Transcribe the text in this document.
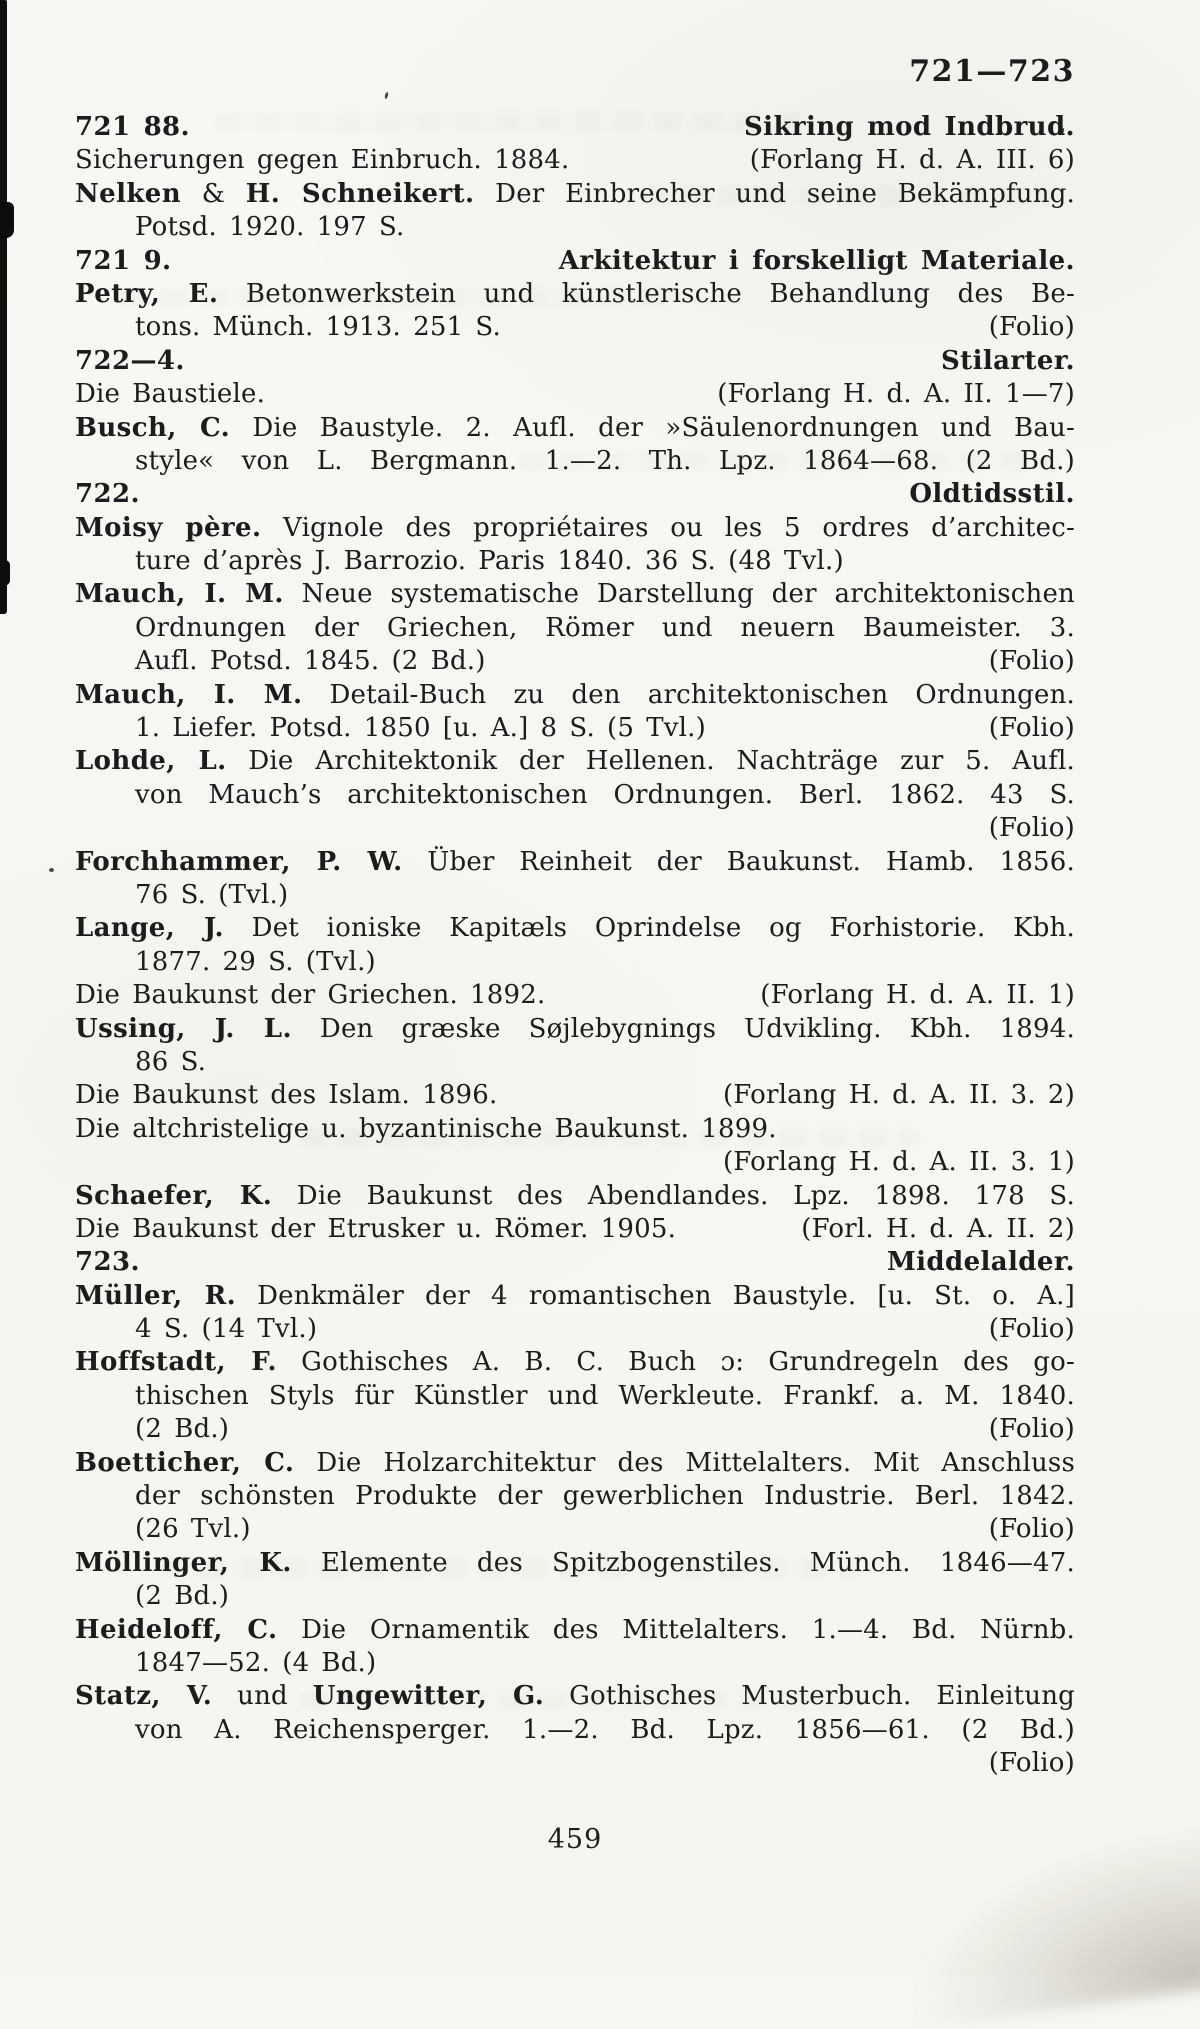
721—723
721 88.	Sikring mod Indbrud.
Sicherungen gegen Einbruch. 1884.	(Forlang H. d. A. III. 6)
Nelken & H. Schneikert. Der Einbrecher und seine Bekämpfung.
Potsd. 1920. 197 S.
721 9.	Arkitektur i forskelligt Materiale.
Petry, E. Betonwerkstein und künstlerische Behandlung des Be-
tons. Münch. 1913. 251 S.	(Folio)
722—4.	Stilarter.
Die Baustiele.	(Forlang H. d. A. II. 1—7)
Busch, C. Die Baustyle. 2. Aufl. der »Säulenordnungen und Bau-
style« von L. Bergmann. 1.—2. Th. Lpz. 1864—68. (2 Bd.)
722.	Oldtidsstil.
Moisy père. Vignole des propriétaires ou les 5 ordres d’architec-
ture d’après J. Barrozio. Paris 1840. 36 S. (48 Tvl.)
Mauch, I. M. Neue systematische Darstellung der architektonischen
Ordnungen der Griechen, Römer und neuern Baumeister. 3.
Aufl. Potsd. 1845. (2 Bd.)	(Folio)
Mauch, I. M. Detail-Buch zu den architektonischen Ordnungen.
1. Liefer. Potsd. 1850 [u. A.] 8 S. (5 Tvl.)	(Folio)
Lohde, L. Die Architektonik der Hellenen. Nachträge zur 5. Aufl.
von Mauch’s architektonischen Ordnungen. Berl. 1862. 43 S.
(Folio)
Forchhammer, P. W. Über Reinheit der Baukunst. Hamb. 1856.
76 S. (Tvl.)
Lange, J. Det ioniske Kapitæls Oprindelse og Forhistorie. Kbh.
1877. 29 S. (Tvl.)
Die Baukunst der Griechen. 1892.	(Forlang H. d. A. II. 1)
Ussing, J. L. Den græske Søjlebygnings Udvikling. Kbh. 1894.
86 S.
Die Baukunst des Islam. 1896.	(Forlang H. d. A. II. 3. 2)
Die altchristelige u. byzantinische Baukunst. 1899.
(Forlang H. d. A. II. 3. 1)
Schaefer, K. Die Baukunst des Abendlandes. Lpz. 1898. 178 S.
Die Baukunst der Etrusker u. Römer. 1905.	(Forl. H. d. A. II. 2)
723.	Middelalder.
Müller, R. Denkmäler der 4 romantischen Baustyle. [u. St. o. A.]
4 S. (14 Tvl.)	(Folio)
Hoffstadt, F. Gothisches A. B. C. Buch ɔ: Grundregeln des go-
thischen Styls für Künstler und Werkleute. Frankf. a. M. 1840.
(2 Bd.)	(Folio)
Boetticher, C. Die Holzarchitektur des Mittelalters. Mit Anschluss
der schönsten Produkte der gewerblichen Industrie. Berl. 1842.
(26 Tvl.)	(Folio)
Möllinger, K. Elemente des Spitzbogenstiles. Münch. 1846—47.
(2 Bd.)
Heideloff, C. Die Ornamentik des Mittelalters. 1.—4. Bd. Nürnb.
1847—52. (4 Bd.)
Statz, V. und Ungewitter, G. Gothisches Musterbuch. Einleitung
von A. Reichensperger. 1.—2. Bd. Lpz. 1856—61. (2 Bd.)
(Folio)
459
